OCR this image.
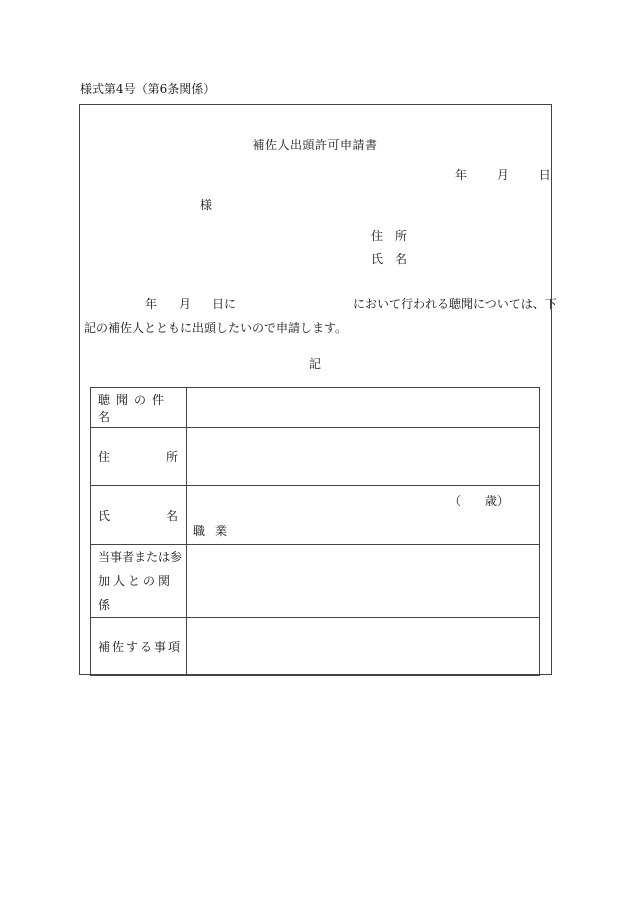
様式第4号（第6条関係）
補佐人出頭許可申請書
年 月 日
様
住所
氏名
年 月 日に	において行われる聴聞については、下
記の補佐人とともに出頭したいので申請します。
記
聴聞の件名	

住 所	

氏 名	（　　歳）
職業

当事者または参
加人との関係	

補佐する事項	
